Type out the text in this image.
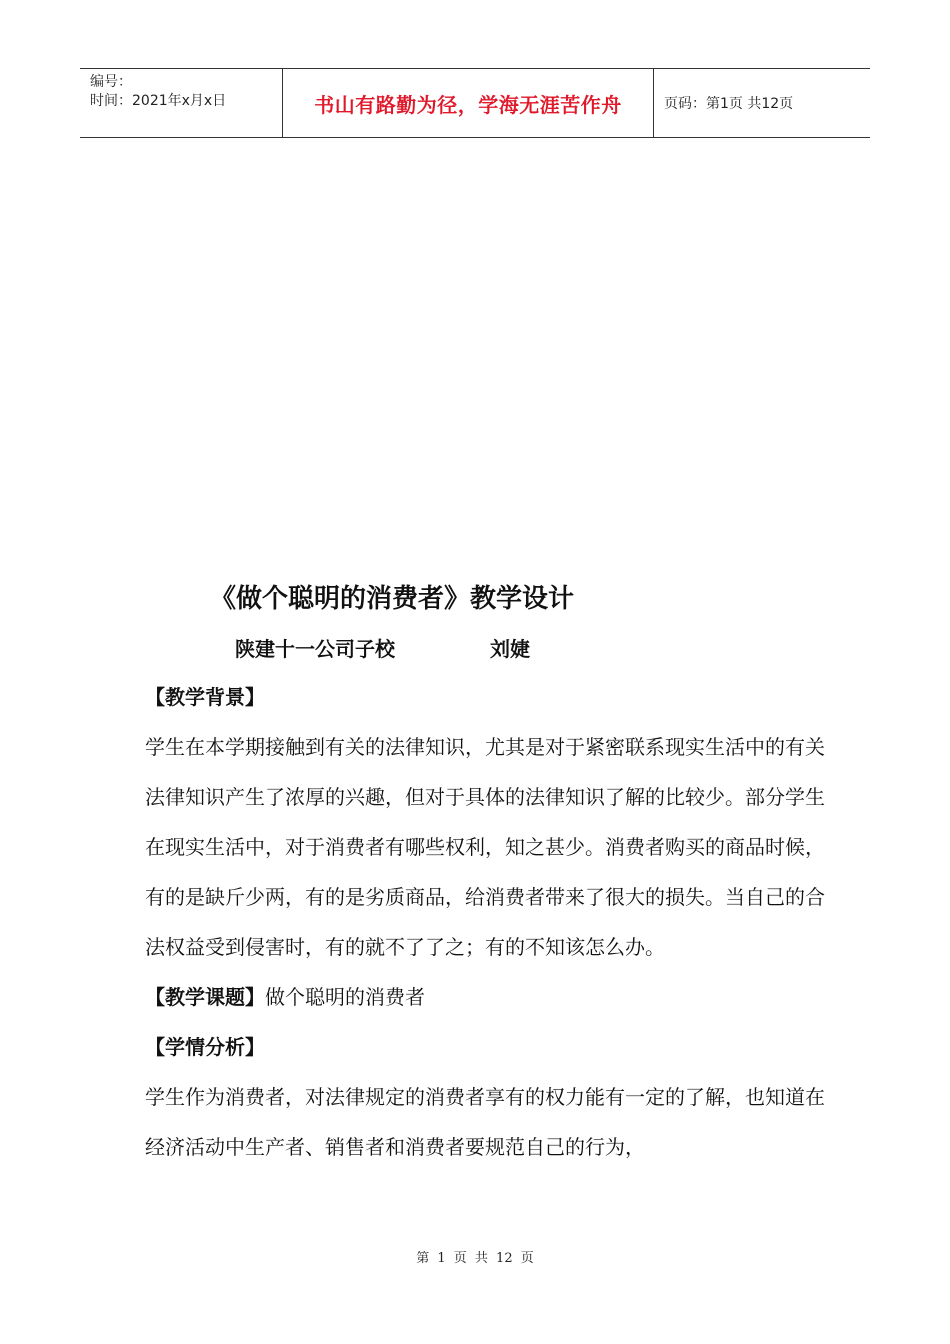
编号：
时间：2021年x月x日	书山有路勤为径，学海无涯苦作舟	页码：第1页 共12页
《做个聪明的消费者》教学设计
陕建十一公司子校	刘婕

【教学背景】

学生在本学期接触到有关的法律知识，尤其是对于紧密联系现实生活中的有关法律知识产生了浓厚的兴趣，但对于具体的法律知识了解的比较少。部分学生在现实生活中，对于消费者有哪些权利，知之甚少。消费者购买的商品时候，有的是缺斤少两，有的是劣质商品，给消费者带来了很大的损失。当自己的合法权益受到侵害时，有的就不了了之；有的不知该怎么办。

【教学课题】做个聪明的消费者

【学情分析】

学生作为消费者，对法律规定的消费者享有的权力能有一定的了解，也知道在经济活动中生产者、销售者和消费者要规范自己的行为，

第 1 页 共 12 页
